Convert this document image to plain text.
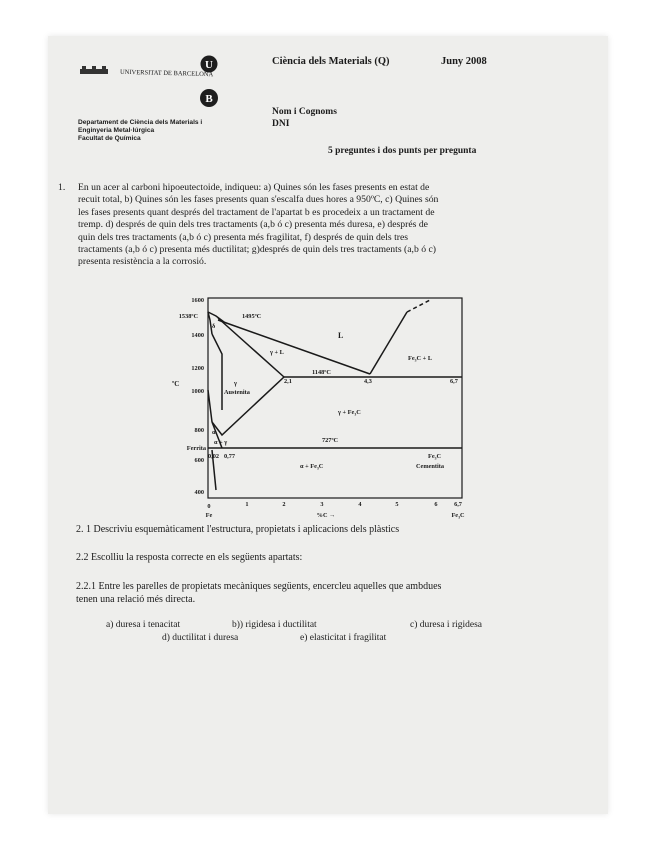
U
B
UNIVERSITAT DE BARCELONA
Ciència dels Materials (Q)	Juny 2008
Nom i Cognoms
DNI
Departament de Ciència dels Materials i
Enginyeria Metal·lúrgica
Facultat de Química
5 preguntes i dos punts per pregunta
1. En un acer al carboni hipoeutectoide, indiqueu: a) Quines són les fases presents en estat de
recuit total, b) Quines són les fases presents quan s'escalfa dues hores a 950ºC, c) Quines són
les fases presents quant després del tractament de l'apartat b es procedeix a un tractament de
tremp. d) després de quin dels tres tractaments (a,b ó c) presenta més duresa, e) després de
quin dels tres tractaments (a,b ó c) presenta més fragilitat, f) després de quin dels tres
tractaments (a,b ó c) presenta més ductilitat; g)després de quin dels tres tractaments (a,b ó c)
presenta resistència a la corrosió.
1600
1400
1200
1000
800
600
400
ºC
0	1	2	3	4	5	6	6,7
Fe	%C →	Fe₃C
1538ºC	1495ºC
δ
L
γ + L
Fe₃C + L
1148ºC
2,1	4,3	6,7
γ
Austenita
γ + Fe₃C
727ºC
α
α + γ
Ferrita
0,02 0,77
α + Fe₃C
Fe₃C
Cementita
2. 1 Descriviu esquemàticament l'estructura, propietats i aplicacions dels plàstics
2.2 Escolliu la resposta correcte en els següents apartats:
2.2.1 Entre les parelles de propietats mecàniques següents, encercleu aquelles que ambdues
tenen una relació més directa.
a) duresa i tenacitat	b)) rigidesa i ductilitat	c) duresa i rigidesa
d) ductilitat i duresa	e) elasticitat i fragilitat
